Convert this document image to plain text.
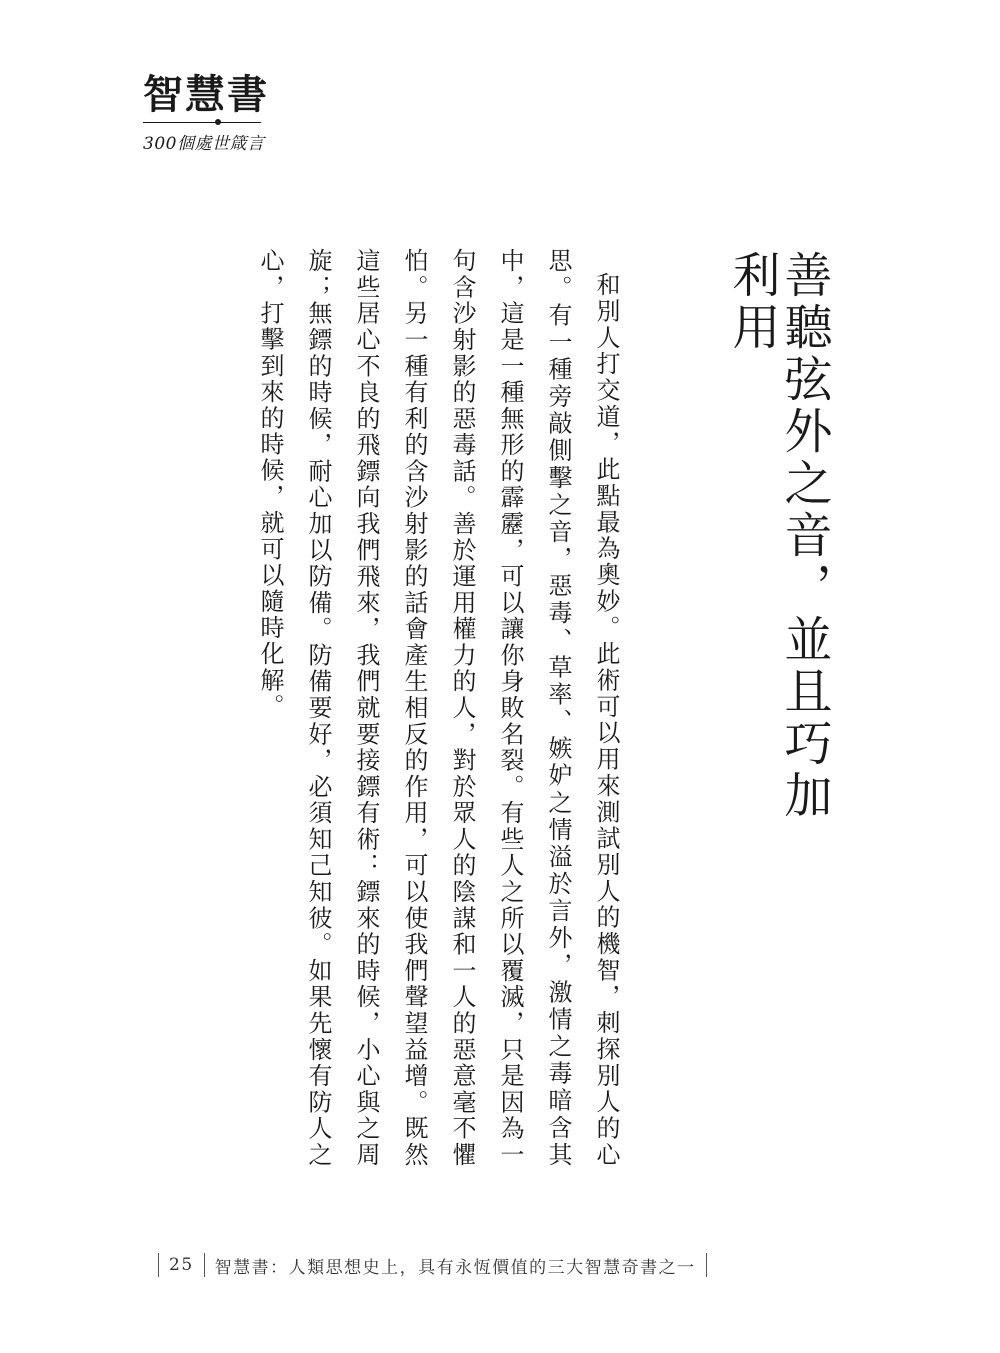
智慧書
300個處世箴言
善聽弦外之音，並且巧加利用

和別人打交道，此點最為奧妙。此術可以用來測試別人的機智，刺探別人的心思。有一種旁敲側擊之音，惡毒、草率、嫉妒之情溢於言外，激情之毒暗含其中，這是一種無形的霹靂，可以讓你身敗名裂。有些人之所以覆滅，只是因為一句含沙射影的惡毒話。善於運用權力的人，對於眾人的陰謀和一人的惡意毫不懼怕。另一種有利的含沙射影的話會產生相反的作用，可以使我們聲望益增。既然這些居心不良的飛鏢向我們飛來，我們就要接鏢有術：鏢來的時候，小心與之周旋；無鏢的時候，耐心加以防備。防備要好，必須知己知彼。如果先懷有防人之心，打擊到來的時候，就可以隨時化解。

25 智慧書：人類思想史上，具有永恆價值的三大智慧奇書之一
